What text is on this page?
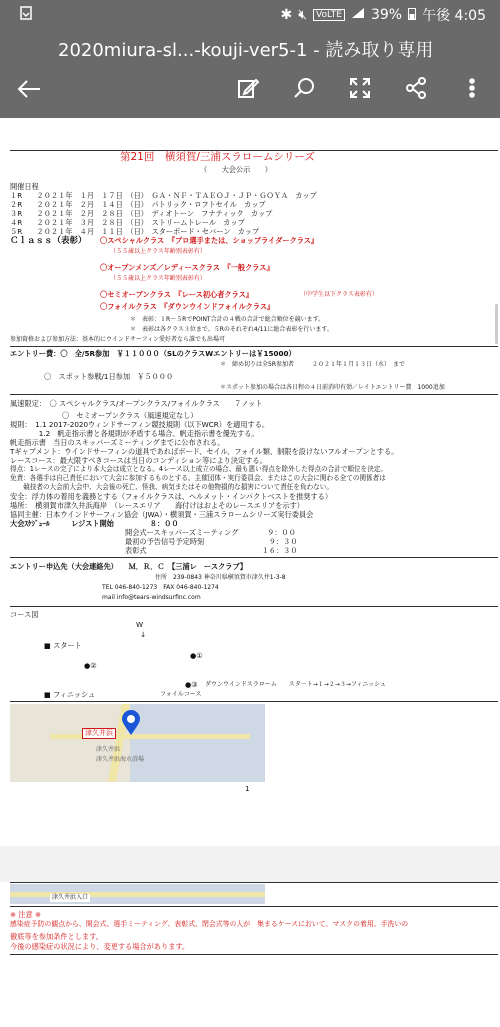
✱ 🔇︎	VoLTE 39% 午後 4:05
2020miura-sl...-kouji-ver5-1 - 読み取り専用
第21回　横須賀/三浦スラロームシリーズ
（　　大会公示　　）
開催日程
１R　　２０２１年　１月　１７日　（日）　ＧＡ・ＮＦ・ＴＡＥＯＪ・ＪＰ・ＧＯＹＡ　カップ
２R　　２０２１年　２月　１４日　（日）　パトリック・ロフトセイル　カップ
３R　　２０２１年　２月　２８日　（日）　ディオトーン　フナティック　カップ
４R　　２０２１年　３月　２８日　（日）　ストリームトレール　カップ
５R　　２０２１年　４月　１１日　（日）　スターボード・セバーン　カップ
Ｃｌａｓｓ（表彰） 〇スペシャルクラス　『プロ選手または、ショップライダークラス』
（５５歳以上クラス年齢別表彰有）
〇オープンメンズ／レディースクラス　『一般クラス』
（５５歳以上クラス年齢別表彰有）
〇セミオープンクラス　『レース初心者クラス』	（中学生以下クラス表彰有）
〇フォイルクラス　『ダウンウインドフォイルクラス』
＊　表彰：１R～５RでPOINT合計の４戦の合計で総合順位を競います。
＊　表彰は各クラス３位まで。５Rのそれぞれ4/11に総合表彰を行います。
参加資格および参加方法：基本的にウインドサーフィン愛好者なら誰でも出場可
エントリー費：〇　全/5R参加　￥１１０００（SLのクラスWエントリーは￥15000）
＊　締め切りは全5R参加者　　　２０２１年１月１３日（水）　まで
〇　スポット参戦/1日参加　￥５０００
＊スポット参加の場合は各日程の４日前消印有効／レイトエントリー費　1000追加
風速限定：　〇 スペシャルクラス/オープンクラス/フォイルクラス　　７ノット
〇　セミオープンクラス（風速規定なし）
規則：　1.1 2017-2020ウィンドサーフィン競技規則（以下WCR）を適用する。
　　　　1.2　帆走指示書と各規則が矛盾する場合、帆走指示書を優先する。
帆走指示書　当日のスキッパーズミーティングまでに公布される。
Tギャプメント：ウインドサーフィンの道具であればボード、セイル、フォイル類、制限を設けないフルオープンとする。
レースコース：最大限すべきコースは当日のコンディション等により決定する。
得点：1レースの完了により本大会は成立となる。4レース以上成立の場合、最も悪い得点を除外した得点の合計で順位を決定。
免責：各選手は自己責任において大会に参加するものとする。主催団体・実行委員会、またはこの大会に関わる全ての関係者は
　　競技者の大会前大会中、大会後の死亡、怪我、病気またはその他物損的な損害について責任を負わない。
安全：浮力体の着用を義務とする（フォイルクラスは、ヘルメット・インパクトベストを推奨する）
場所：　横須賀市津久井浜海岸　（レースエリア　　海付けはおよそのレースエリアを示す）
協同主催：日本ウインドサーフィン協会（JWA）・横須賀・三浦スラロームシリーズ実行委員会
大会ｽｹｼﾞｭｰﾙ　　　レジスト開始　　　　　８：００
開会式ースキッパーズミーティング　　　　９：００
最初の予告信号予定時刻　　　　　　　　　９：３０
表彰式　　　　　　　　　　　　　　　　１６：３０
エントリー申込先（大会連絡先）　　Ｍ．Ｒ．Ｃ　【三浦レ　ースクラブ】
住所　239-0843 神奈川県横須賀市津久井1-3-8
TEL 046-840-1273　FAX 046-840-1274
mail info@tears-windsurfinc.com
コース図
W
↓
■ スタート
●①
●②
●③ ダウンウインドスラローム　　スタ－ト→１→２→３→フィニッシュ
■ フィニッシュ	フォイルコース
津久井浜
津久井浜
津久井浜海水浴場
1
津久井浜入口
※ 注意 ※
感染症予防の観点から、開会式、選手ミーティング、表彰式、閉会式等の人が　集まるケースにおいて、マスクの着用、手洗いの
徹底等を参加条件とします。
今後の感染症の状況により、変更する場合があります。
